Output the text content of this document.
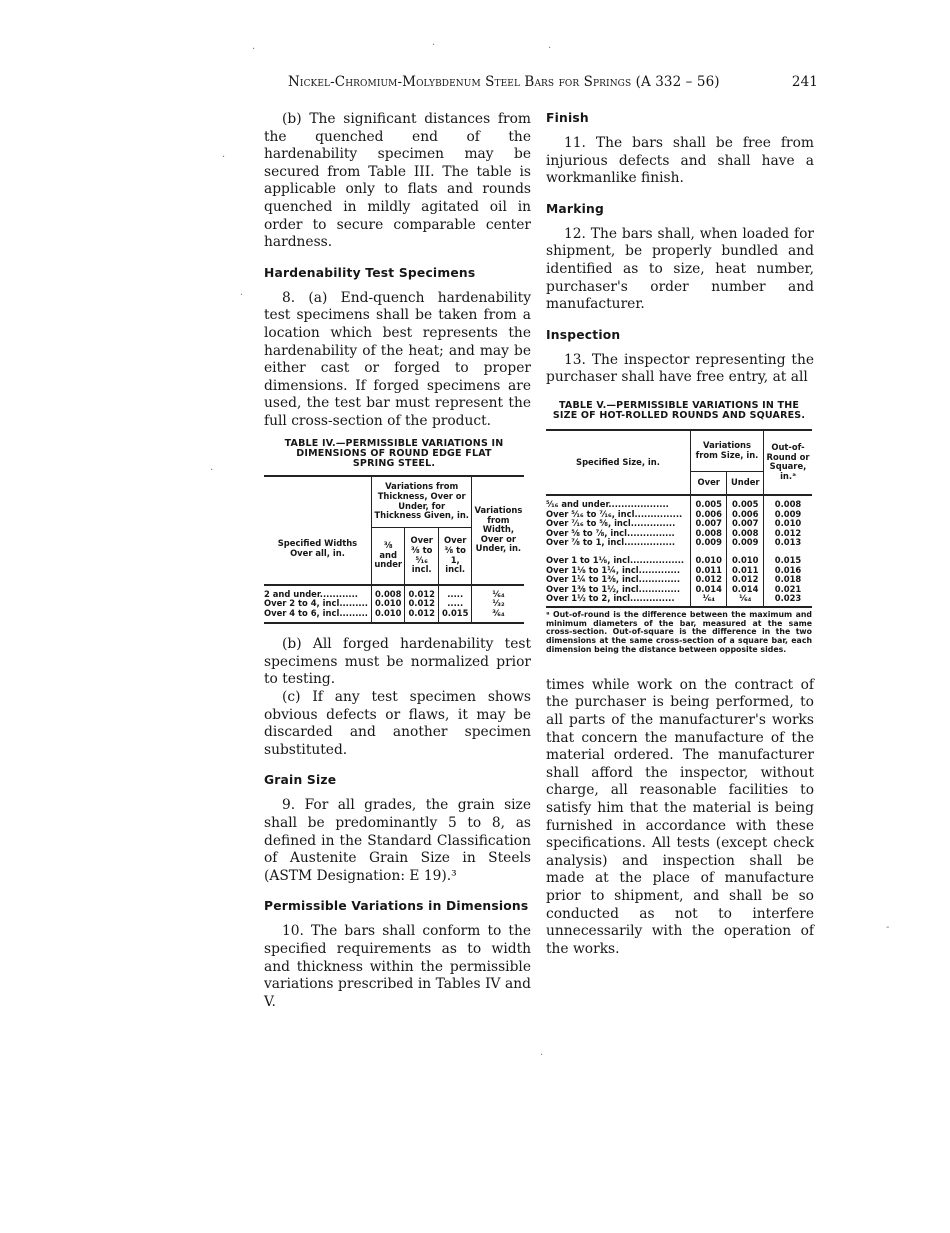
·	·	·
·
·
·
-
·
Nickel-Chromium-Molybdenum Steel Bars for Springs (A 332 – 56)	241

(b) The significant distances from the quenched end of the hardenability specimen may be secured from Table III. The table is applicable only to flats and rounds quenched in mildly agitated oil in order to secure comparable center hardness.

Hardenability Test Specimens

8. (a) End-quench hardenability test specimens shall be taken from a location which best represents the hardenability of the heat; and may be either cast or forged to proper dimensions. If forged specimens are used, the test bar must represent the full cross-section of the product.

TABLE IV.—PERMISSIBLE VARIATIONS IN
DIMENSIONS OF ROUND EDGE FLAT
SPRING STEEL.
Specified Widths Over all, in.	Variations from Thickness, Over or Under, for Thickness Given, in.			Variations from Width, Over or Under, in.
	⅜ and under	Over ⅜ to ⁵⁄₁₆ incl.	Over ⅜ to 1, incl.	
2 and under............	0.008	0.012	.....	¹⁄₆₄
Over 2 to 4, incl.........	0.010	0.012	.....	¹⁄₃₂
Over 4 to 6, incl.........	0.010	0.012	0.015	³⁄₆₄

(b) All forged hardenability test specimens must be normalized prior to testing.

(c) If any test specimen shows obvious defects or flaws, it may be discarded and another specimen substituted.

Grain Size

9. For all grades, the grain size shall be predominantly 5 to 8, as defined in the Standard Classification of Austenite Grain Size in Steels (ASTM Designation: E 19).³

Permissible Variations in Dimensions

10. The bars shall conform to the specified requirements as to width and thickness within the permissible variations prescribed in Tables IV and V.

Finish

11. The bars shall be free from injurious defects and shall have a workmanlike finish.

Marking

12. The bars shall, when loaded for shipment, be properly bundled and identified as to size, heat number, purchaser's order number and manufacturer.

Inspection

13. The inspector representing the purchaser shall have free entry, at all

TABLE V.—PERMISSIBLE VARIATIONS IN THE
SIZE OF HOT-ROLLED ROUNDS AND SQUARES.
Specified Size, in.	Variations from Size, in.		Out-of-Round or Square, in.ᵃ
	Over	Under	
⁵⁄₁₆ and under...................	0.005	0.005	0.008
Over ⁵⁄₁₆ to ⁷⁄₁₆, incl...............	0.006	0.006	0.009
Over ⁷⁄₁₆ to ⅝, incl..............	0.007	0.007	0.010
Over ⅝ to ⅞, incl...............	0.008	0.008	0.012
Over ⅞ to 1, incl................	0.009	0.009	0.013
Over 1 to 1⅛, incl.................	0.010	0.010	0.015
Over 1⅛ to 1¼, incl.............	0.011	0.011	0.016
Over 1¼ to 1⅜, incl.............	0.012	0.012	0.018
Over 1⅜ to 1½, incl.............	0.014	0.014	0.021
Over 1½ to 2, incl..............	¹⁄₆₄	¹⁄₆₄	0.023
ᵃ Out-of-round is the difference between the maximum and minimum diameters of the bar, measured at the same cross-section. Out-of-square is the difference in the two dimensions at the same cross-section of a square bar, each dimension being the distance between opposite sides.

times while work on the contract of the purchaser is being performed, to all parts of the manufacturer's works that concern the manufacture of the material ordered. The manufacturer shall afford the inspector, without charge, all reasonable facilities to satisfy him that the material is being furnished in accordance with these specifications. All tests (except check analysis) and inspection shall be made at the place of manufacture prior to shipment, and shall be so conducted as not to interfere unnecessarily with the operation of the works.
